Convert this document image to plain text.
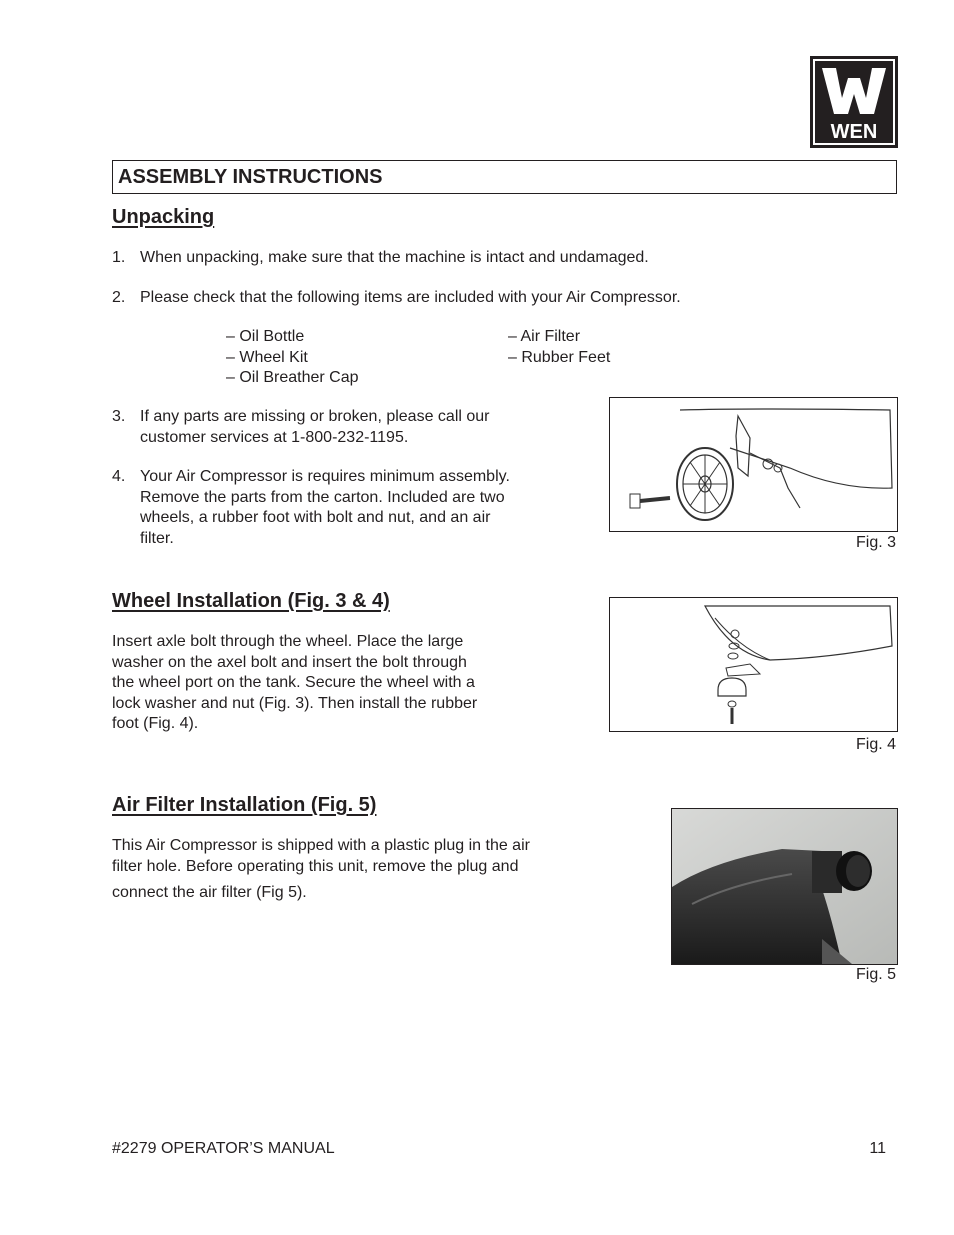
WEN
ASSEMBLY INSTRUCTIONS
Unpacking
1. When unpacking, make sure that the machine is intact and undamaged.
2. Please check that the following items are included with your Air Compressor.
– Oil Bottle
– Wheel Kit
– Oil Breather Cap
– Air Filter
– Rubber Feet
3. If any parts are missing or broken, please call our
customer services at 1-800-232-1195.
4. Your Air Compressor is requires minimum assembly.
Remove the parts from the carton. Included are two
wheels, a rubber foot with bolt and nut, and an air
filter.	Fig. 3
Wheel Installation (Fig. 3 & 4)
Insert axle bolt through the wheel. Place the large
washer on the axel bolt and insert the bolt through
the wheel port on the tank. Secure the wheel with a
lock washer and nut (Fig. 3). Then install the rubber
foot (Fig. 4).
Fig. 4
Air Filter Installation (Fig. 5)
This Air Compressor is shipped with a plastic plug in the air
filter hole. Before operating this unit, remove the plug and
connect the air filter (Fig 5).
Fig. 5
#2279 OPERATOR’S MANUAL	11
